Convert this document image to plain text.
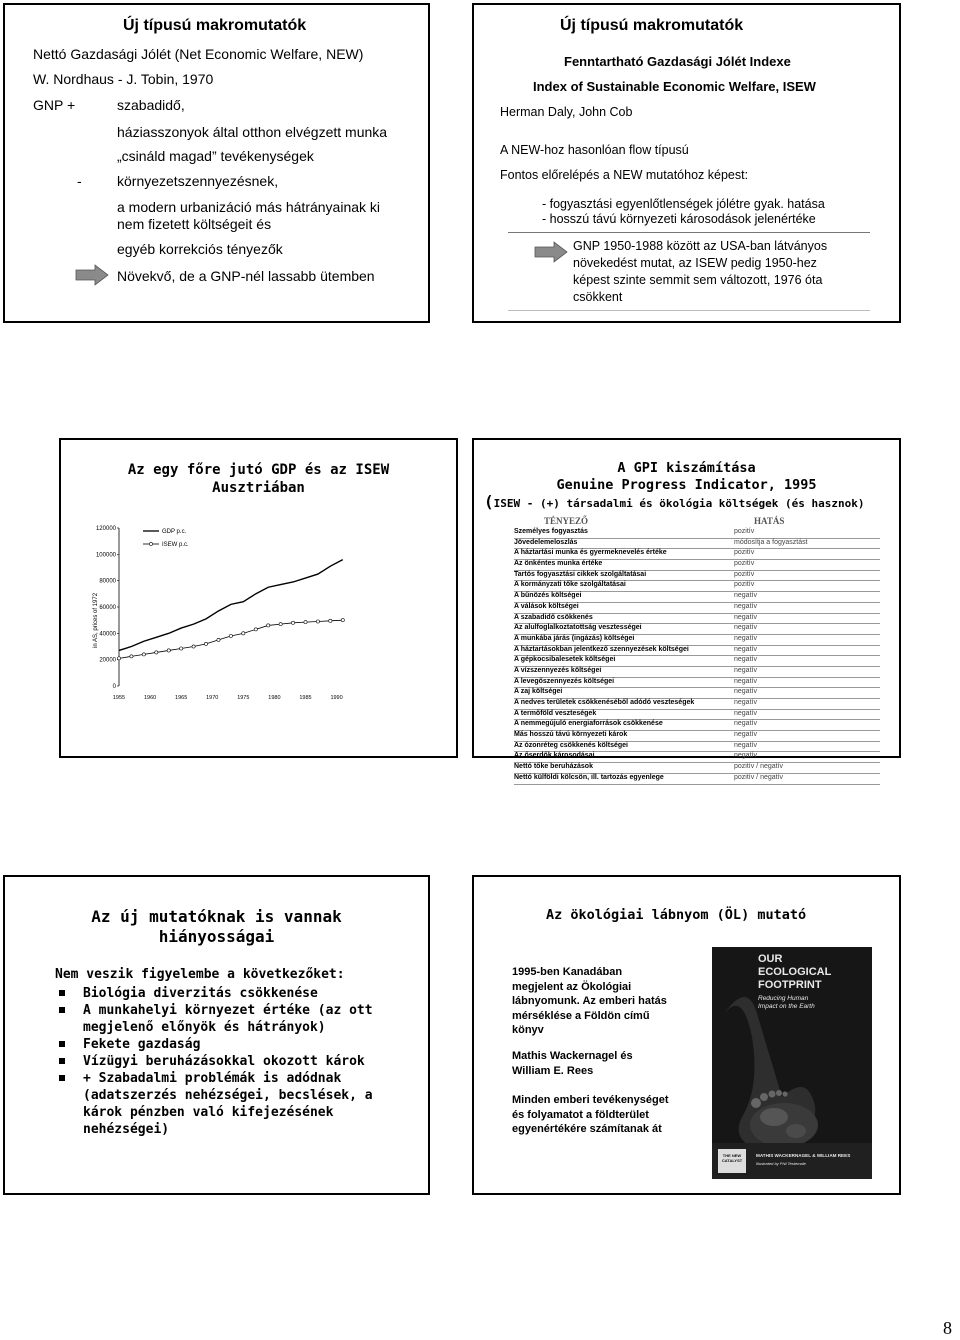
Új típusú makromutatók
Nettó Gazdasági Jólét (Net Economic Welfare, NEW)
W. Nordhaus - J. Tobin, 1970
GNP +	szabadidő,
háziasszonyok által otthon elvégzett munka
„csináld magad” tevékenységek
-	környezetszennyezésnek,
a modern urbanizáció más hátrányainak ki
nem fizetett költségeit és
egyéb korrekciós tényezők
Növekvő, de a GNP-nél lassabb ütemben
Új típusú makromutatók
Fenntartható Gazdasági Jólét Indexe
Index of Sustainable Economic Welfare, ISEW
Herman Daly, John Cob
A NEW-hoz hasonlóan flow típusú
Fontos előrelépés a NEW mutatóhoz képest:
- fogyasztási egyenlőtlenségek jólétre gyak. hatása
- hosszú távú környezeti károsodások jelenértéke
GNP 1950-1988 között az USA-ban látványos
növekedést mutat, az ISEW pedig 1950-hez
képest szinte semmit sem változott, 1976 óta
csökkent
Az egy főre jutó GDP és az ISEW
Ausztriában
120000
100000
80000
60000
40000
20000
0
1955	1960	1965	1970	1975	1980	1985	1990
in AS, prices of 1972
GDP p.c.
ISEW p.c.
A GPI kiszámítása
Genuine Progress Indicator, 1995
(ISEW - (+) társadalmi és ökológia költségek (és hasznok)
TÉNYEZŐ	HATÁS
Személyes fogyasztás	pozitív
Jövedelemeloszlás	módosítja a fogyasztást
A háztartási munka és gyermeknevelés értéke	pozitív
Az önkéntes munka értéke	pozitív
Tartós fogyasztási cikkek szolgáltatásai	pozitív
A kormányzati tőke szolgáltatásai	pozitív
A bűnözés költségei	negatív
A válások költségei	negatív
A szabadidő csökkenés	negatív
Az alulfoglalkoztatottság vesztességei	negatív
A munkába járás (ingázás) költségei	negatív
A háztartásokban jelentkező szennyezések költségei	negatív
A gépkocsibalesetek költségei	negatív
A vízszennyezés költségei	negatív
A levegőszennyezés költségei	negatív
A zaj költségei	negatív
A nedves területek csökkenéséből adódó veszteségek	negatív
A termőföld veszteségek	negatív
A nemmegújuló energiaforrások csökkenése	negatív
Más hosszú távú környezeti károk	negatív
Az ózonréteg csökkenés költségei	negatív
Az őserdők károsodásai	negatív
Nettó tőke beruházások	pozitív / negatív
Nettó külföldi kölcsön, ill. tartozás egyenlege	pozitív / negatív
Az új mutatóknak is vannak
hiányosságai
Nem veszik figyelembe a következőket:
Biológia diverzitás csökkenése
A munkahelyi környezet értéke (az ott
megjelenő előnyök és hátrányok)
Fekete gazdaság
Vízügyi beruházásokkal okozott károk
+ Szabadalmi problémák is adódnak
(adatszerzés nehézségei, becslések, a
károk pénzben való kifejezésének
nehézségei)
Az ökológiai lábnyom (ÖL) mutató
1995-ben Kanadában
megjelent az Ökológiai
lábnyomunk. Az emberi hatás
mérséklése a Földön című
könyv
Mathis Wackernagel és
William E. Rees
Minden emberi tevékenységet
és folyamatot a földterület
egyenértékére számítanak át
OUR
ECOLOGICAL
FOOTPRINT
Reducing Human
Impact on the Earth
THE NEW CATALYST
MATHIS WACKERNAGEL & WILLIAM REES
Illustrated by Phil Testemale
8
